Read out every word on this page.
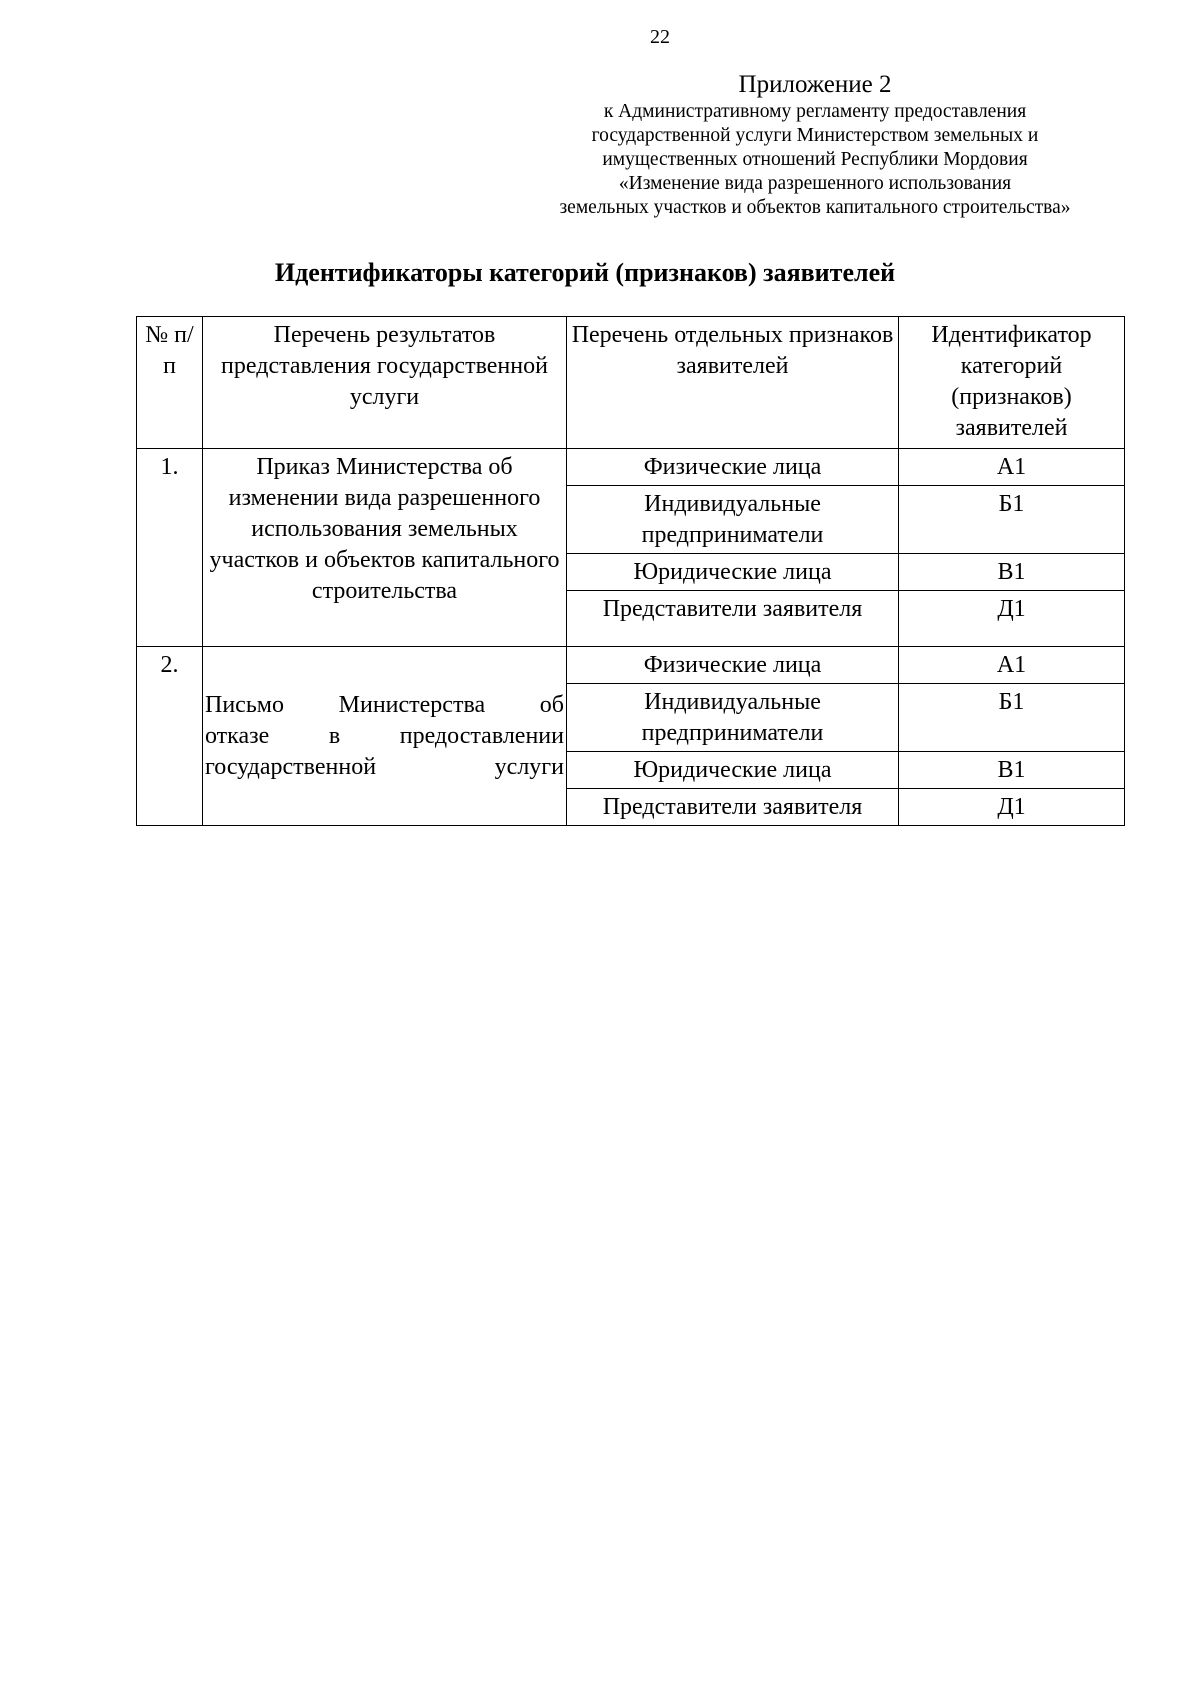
22
Приложение 2
к Административному регламенту предоставления
государственной услуги Министерством земельных и
имущественных отношений Республики Мордовия
«Изменение вида разрешенного использования
земельных участков и объектов капитального строительства»
Идентификаторы категорий (признаков) заявителей
№ п/п	Перечень результатов представления государственной услуги	Перечень отдельных признаков заявителей	Идентификатор категорий (признаков) заявителей
1.	Приказ Министерства об изменении вида разрешенного использования земельных участков и объектов капитального строительства	Физические лица	А1
		Индивидуальные предприниматели	Б1
		Юридические лица	В1
		Представители заявителя	Д1
2.	Письмо Министерства об
отказе в предоставлении
государственной услуги	Физические лица	А1
		Индивидуальные предприниматели	Б1
		Юридические лица	В1
		Представители заявителя	Д1
